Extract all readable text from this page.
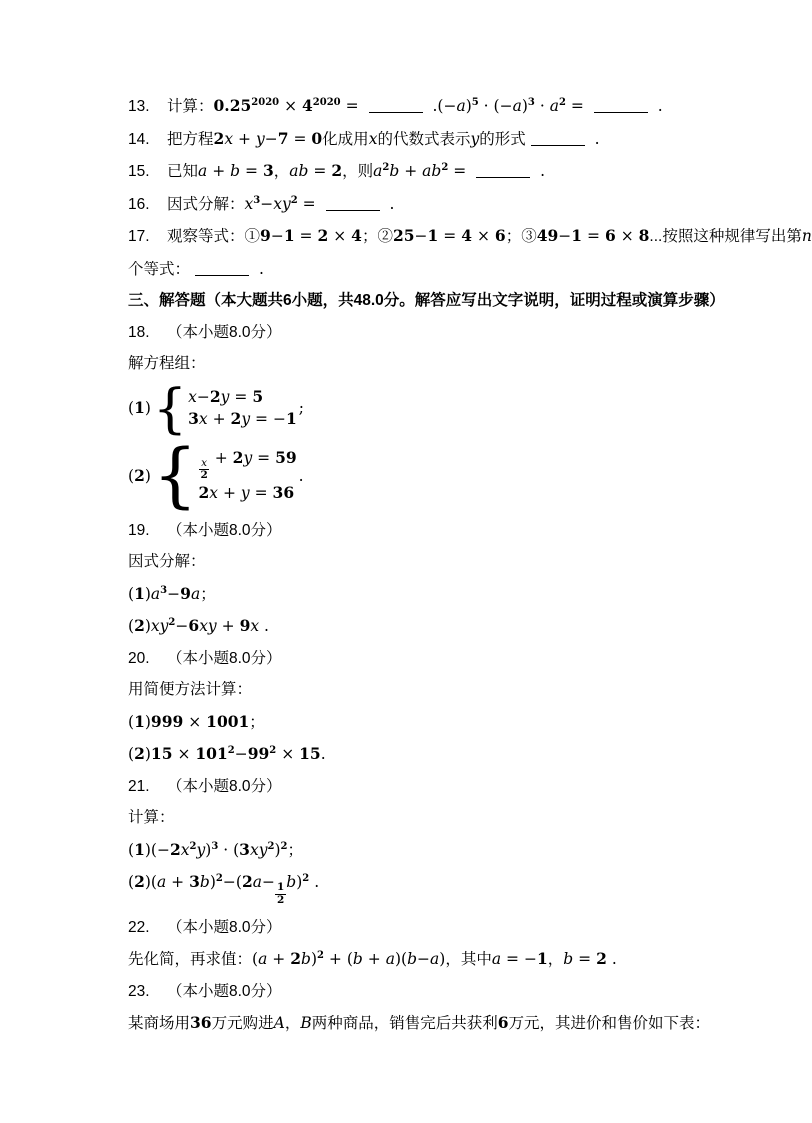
13. 计算：$0.25^{2020} \times 4^{2020}$ =	$.(-a)^5 \cdot (-a)^3 \cdot a^2$ =	.
14. 把方程2x + y−7 = 0化成用x的代数式表示y的形式	.
15. 已知a + b = 3，ab = 2，则$a^2b + ab^2$ =	.
16. 因式分解：$x^3-xy^2$ =	.
17. 观察等式：①9−1 = 2 × 4；②25−1 = 4 × 6；③49−1 = 6 × 8...按照这种规律写出第n
个等式：	.
三、解答题（本大题共6小题，共48.0分。解答应写出文字说明，证明过程或演算步骤）
18. （本小题8.0分）
解方程组：
(1) { x−2y = 5
3x + 2y = −1
;
(2) { $\frac{x}{2} + 2y = 59$
2x + y = 36
.
19. （本小题8.0分）
因式分解：
$(1)a^3-9a$；
$(2)xy^2-6xy + 9x$ .
20. （本小题8.0分）
用简便方法计算：
(1)999 × 1001；
$(2)15 \times 101^2-99^2 \times 15$.
21. （本小题8.0分）
计算：
$(1)(-2x^2y)^3 \cdot (3xy^2)^2$；
$(2)(a + 3b)^2-(2a- \frac{1}{2} b)^2$ .
22. （本小题8.0分）
先化简，再求值：$(a + 2b)^2 + (b + a)(b-a)$，其中a = −1，b = 2 .
23. （本小题8.0分）
某商场用36万元购进A，B两种商品，销售完后共获利6万元，其进价和售价如下表：
